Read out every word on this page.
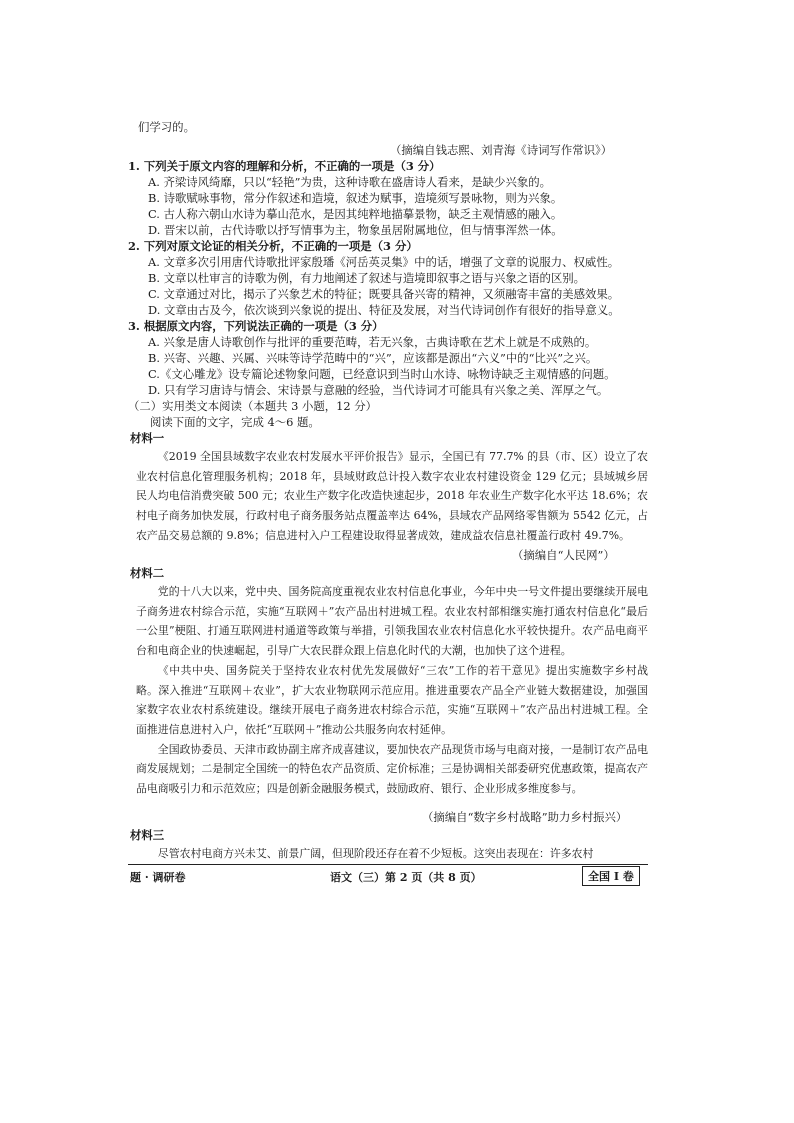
们学习的。
（摘编自钱志熙、刘青海《诗词写作常识》）
1. 下列关于原文内容的理解和分析，不正确的一项是（3 分）
A. 齐梁诗风绮靡，只以“轻艳”为贵，这种诗歌在盛唐诗人看来，是缺少兴象的。
B. 诗歌赋咏事物，常分作叙述和造境，叙述为赋事，造境须写景咏物，则为兴象。
C. 古人称六朝山水诗为摹山范水，是因其纯粹地描摹景物，缺乏主观情感的融入。
D. 晋宋以前，古代诗歌以抒写情事为主，物象虽居附属地位，但与情事浑然一体。
2. 下列对原文论证的相关分析，不正确的一项是（3 分）
A. 文章多次引用唐代诗歌批评家殷璠《河岳英灵集》中的话，增强了文章的说服力、权威性。
B. 文章以杜审言的诗歌为例，有力地阐述了叙述与造境即叙事之语与兴象之语的区别。
C. 文章通过对比，揭示了兴象艺术的特征；既要具备兴寄的精神，又须融寄丰富的美感效果。
D. 文章由古及今，依次谈到兴象说的提出、特征及发展，对当代诗词创作有很好的指导意义。
3. 根据原文内容，下列说法正确的一项是（3 分）
A. 兴象是唐人诗歌创作与批评的重要范畴，若无兴象，古典诗歌在艺术上就是不成熟的。
B. 兴寄、兴趣、兴属、兴味等诗学范畴中的“兴”，应该都是源出“六义”中的“比兴”之兴。
C.《文心雕龙》设专篇论述物象问题，已经意识到当时山水诗、咏物诗缺乏主观情感的问题。
D. 只有学习唐诗与情会、宋诗景与意融的经验，当代诗词才可能具有兴象之美、浑厚之气。
（二）实用类文本阅读（本题共 3 小题，12 分）
阅读下面的文字，完成 4～6 题。
材料一

《2019 全国县域数字农业农村发展水平评价报告》显示，全国已有 77.7% 的县（市、区）设立了农业农村信息化管理服务机构；2018 年，县域财政总计投入数字农业农村建设资金 129 亿元；县域城乡居民人均电信消费突破 500 元；农业生产数字化改造快速起步，2018 年农业生产数字化水平达 18.6%；农村电子商务加快发展，行政村电子商务服务站点覆盖率达 64%，县域农产品网络零售额为 5542 亿元，占农产品交易总额的 9.8%；信息进村入户工程建设取得显著成效，建成益农信息社覆盖行政村 49.7%。

（摘编自“人民网”）
材料二

党的十八大以来，党中央、国务院高度重视农业农村信息化事业，今年中央一号文件提出要继续开展电子商务进农村综合示范，实施“互联网＋”农产品出村进城工程。农业农村部相继实施打通农村信息化“最后一公里”梗阻、打通互联网进村通道等政策与举措，引领我国农业农村信息化水平较快提升。农产品电商平台和电商企业的快速崛起，引导广大农民群众跟上信息化时代的大潮，也加快了这个进程。

《中共中央、国务院关于坚持农业农村优先发展做好“三农”工作的若干意见》提出实施数字乡村战略。深入推进“互联网＋农业”，扩大农业物联网示范应用。推进重要农产品全产业链大数据建设，加强国家数字农业农村系统建设。继续开展电子商务进农村综合示范，实施“互联网＋”农产品出村进城工程。全面推进信息进村入户，依托“互联网＋”推动公共服务向农村延伸。

全国政协委员、天津市政协副主席齐成喜建议，要加快农产品现货市场与电商对接，一是制订农产品电商发展规划；二是制定全国统一的特色农产品资质、定价标准；三是协调相关部委研究优惠政策，提高农产品电商吸引力和示范效应；四是创新金融服务模式，鼓励政府、银行、企业形成多维度参与。

（摘编自“数字乡村战略”助力乡村振兴）
材料三

尽管农村电商方兴未艾、前景广阔，但现阶段还存在着不少短板。这突出表现在：许多农村

题 · 调研卷	语文（三）第 2 页（共 8 页）	全国 I 卷
